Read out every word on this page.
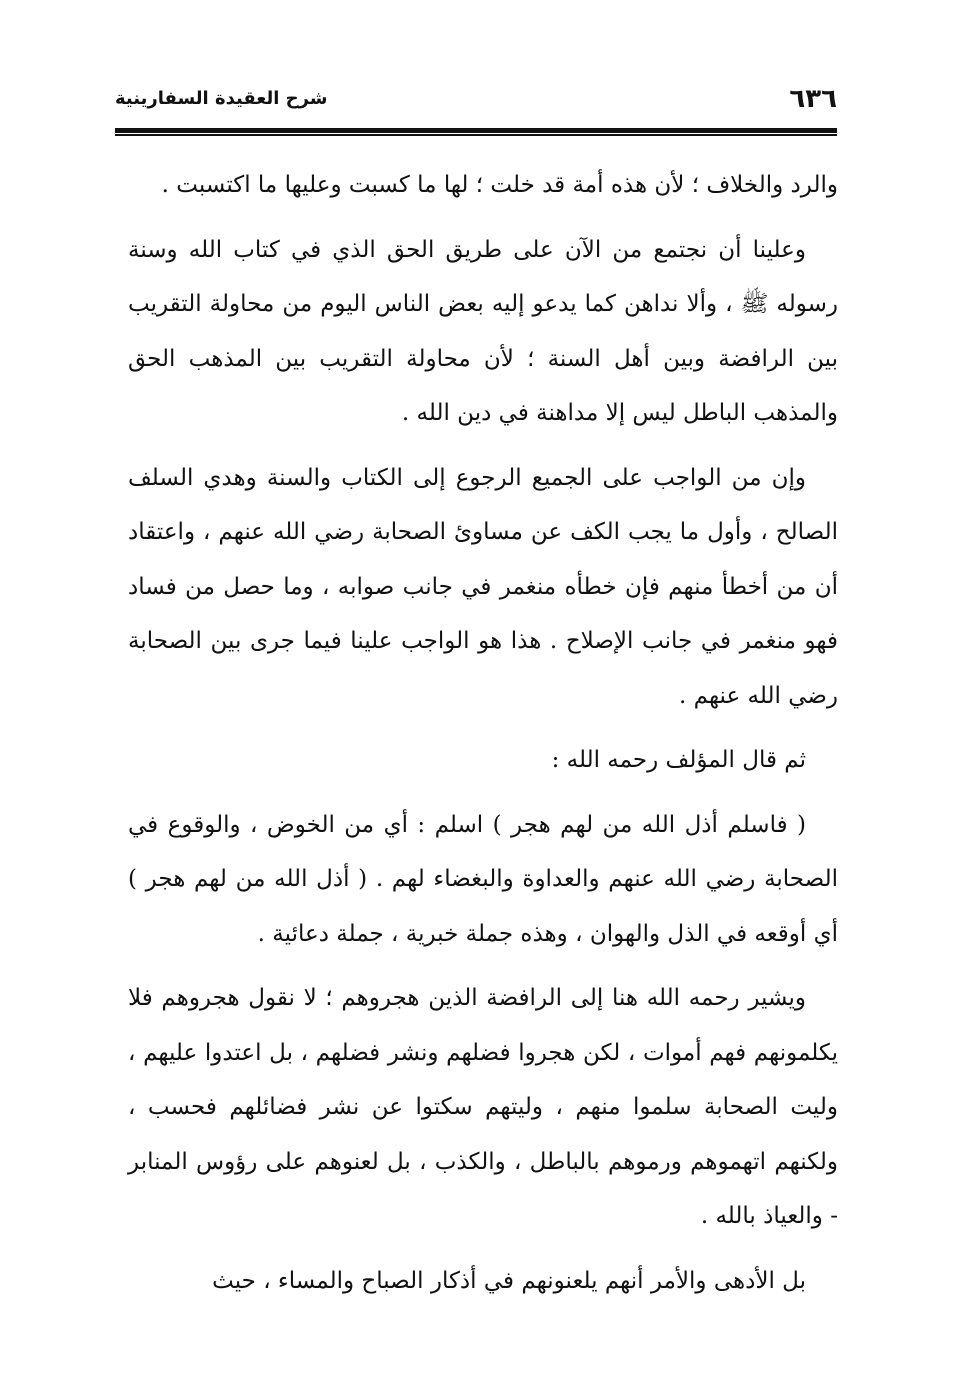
شرح العقيدة السفارينية	٦٣٦

والرد والخلاف ؛ لأن هذه أمة قد خلت ؛ لها ما كسبت وعليها ما اكتسبت .

وعلينا أن نجتمع من الآن على طريق الحق الذي في كتاب الله وسنة رسوله ﷺ ، وألا نداهن كما يدعو إليه بعض الناس اليوم من محاولة التقريب بين الرافضة وبين أهل السنة ؛ لأن محاولة التقريب بين المذهب الحق والمذهب الباطل ليس إلا مداهنة في دين الله .

وإن من الواجب على الجميع الرجوع إلى الكتاب والسنة وهدي السلف الصالح ، وأول ما يجب الكف عن مساوئ الصحابة رضي الله عنهم ، واعتقاد أن من أخطأ منهم فإن خطأه منغمر في جانب صوابه ، وما حصل من فساد فهو منغمر في جانب الإصلاح . هذا هو الواجب علينا فيما جرى بين الصحابة رضي الله عنهم .

ثم قال المؤلف رحمه الله :

( فاسلم أذل الله من لهم هجر ) اسلم : أي من الخوض ، والوقوع في الصحابة رضي الله عنهم والعداوة والبغضاء لهم . ( أذل الله من لهم هجر ) أي أوقعه في الذل والهوان ، وهذه جملة خبرية ، جملة دعائية .

ويشير رحمه الله هنا إلى الرافضة الذين هجروهم ؛ لا نقول هجروهم فلا يكلمونهم فهم أموات ، لكن هجروا فضلهم ونشر فضلهم ، بل اعتدوا عليهم ، وليت الصحابة سلموا منهم ، وليتهم سكتوا عن نشر فضائلهم فحسب ، ولكنهم اتهموهم ورموهم بالباطل ، والكذب ، بل لعنوهم على رؤوس المنابر - والعياذ بالله .

بل الأدهى والأمر أنهم يلعنونهم في أذكار الصباح والمساء ، حيث
